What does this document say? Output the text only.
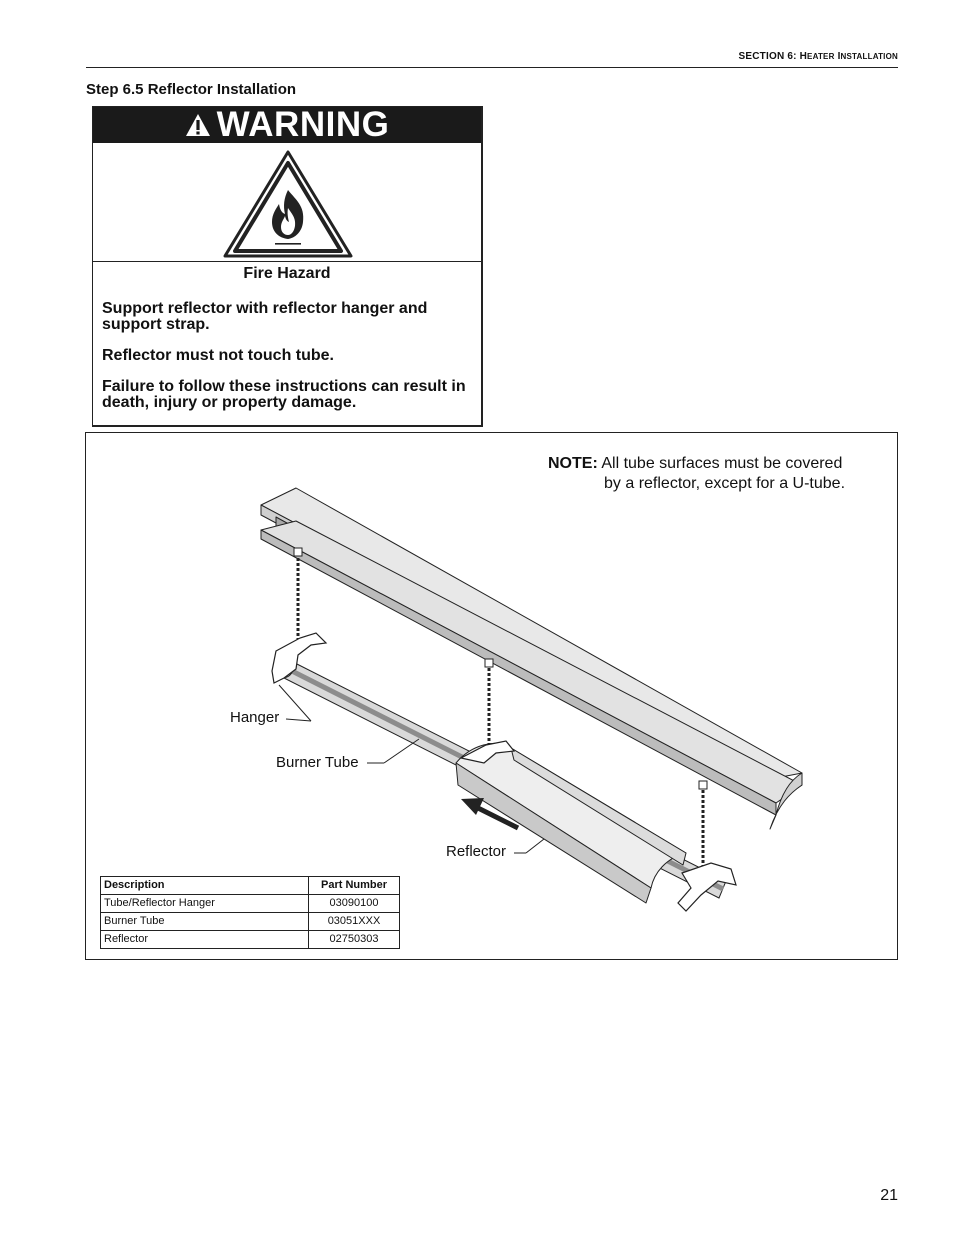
SECTION 6: HEATER INSTALLATION
Step 6.5 Reflector Installation
WARNING
Fire Hazard
Support reflector with reflector hanger and support strap.
Reflector must not touch tube.
Failure to follow these instructions can result in death, injury or property damage.
NOTE: All tube surfaces must be covered
by a reflector, except for a U-tube.
Hanger
Burner Tube
Reflector
Description	Part Number
Tube/Reflector Hanger	03090100
Burner Tube	03051XXX
Reflector	02750303
21
